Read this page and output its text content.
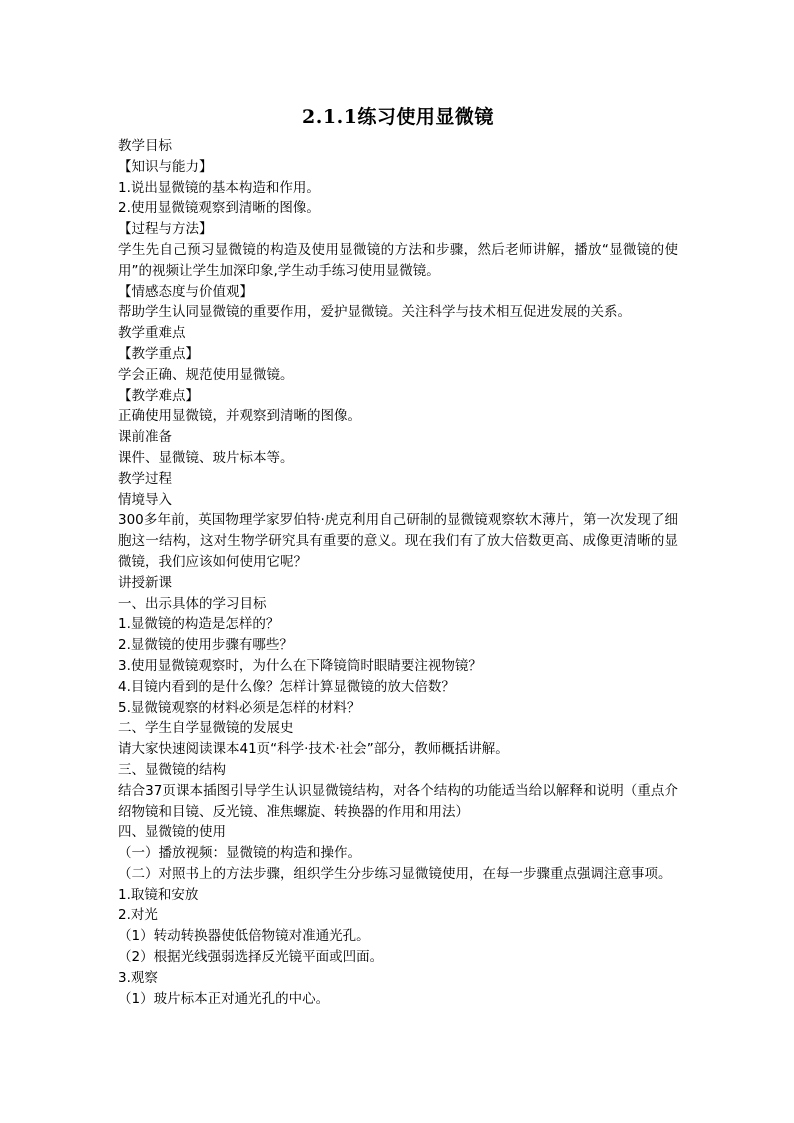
2.1.1练习使用显微镜
教学目标
【知识与能力】
1.说出显微镜的基本构造和作用。
2.使用显微镜观察到清晰的图像。
【过程与方法】
学生先自己预习显微镜的构造及使用显微镜的方法和步骤，然后老师讲解，播放“显微镜的使用”的视频让学生加深印象,学生动手练习使用显微镜。
【情感态度与价值观】
帮助学生认同显微镜的重要作用，爱护显微镜。关注科学与技术相互促进发展的关系。
教学重难点
【教学重点】
学会正确、规范使用显微镜。
【教学难点】
正确使用显微镜，并观察到清晰的图像。
课前准备
课件、显微镜、玻片标本等。
教学过程
情境导入
300多年前，英国物理学家罗伯特·虎克利用自己研制的显微镜观察软木薄片，第一次发现了细胞这一结构，这对生物学研究具有重要的意义。现在我们有了放大倍数更高、成像更清晰的显微镜，我们应该如何使用它呢？
讲授新课
一、出示具体的学习目标
1.显微镜的构造是怎样的？
2.显微镜的使用步骤有哪些？
3.使用显微镜观察时，为什么在下降镜筒时眼睛要注视物镜？
4.目镜内看到的是什么像？怎样计算显微镜的放大倍数？
5.显微镜观察的材料必须是怎样的材料？
二、学生自学显微镜的发展史
请大家快速阅读课本41页“科学·技术·社会”部分，教师概括讲解。
三、显微镜的结构
结合37页课本插图引导学生认识显微镜结构，对各个结构的功能适当给以解释和说明（重点介绍物镜和目镜、反光镜、准焦螺旋、转换器的作用和用法）
四、显微镜的使用
（一）播放视频：显微镜的构造和操作。
（二）对照书上的方法步骤，组织学生分步练习显微镜使用，在每一步骤重点强调注意事项。
1.取镜和安放
2.对光
（1）转动转换器使低倍物镜对准通光孔。
（2）根据光线强弱选择反光镜平面或凹面。
3.观察
（1）玻片标本正对通光孔的中心。
